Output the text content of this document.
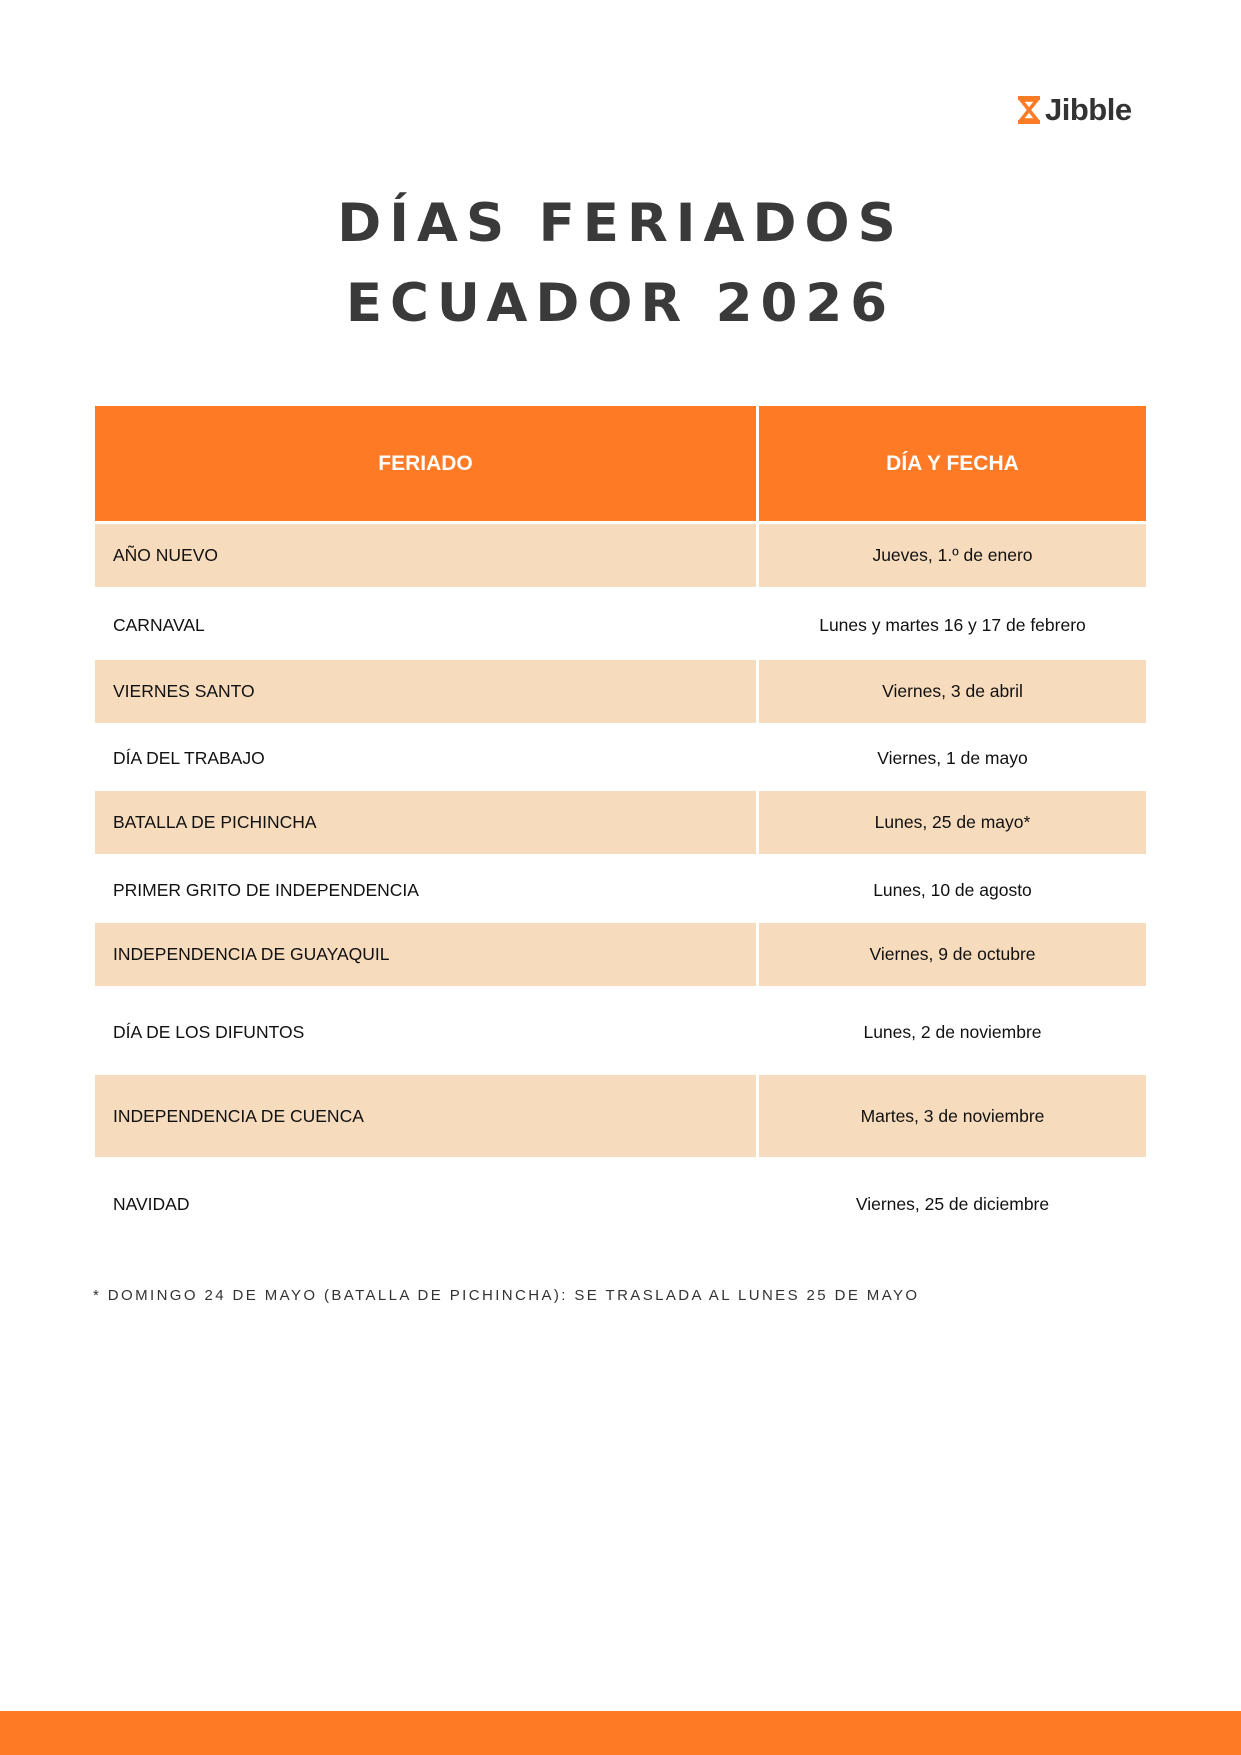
Jibble
DÍAS FERIADOS
ECUADOR 2026
FERIADO	DÍA Y FECHA
AÑO NUEVO	Jueves, 1.º de enero
CARNAVAL	Lunes y martes 16 y 17 de febrero
VIERNES SANTO	Viernes, 3 de abril
DÍA DEL TRABAJO	Viernes, 1 de mayo
BATALLA DE PICHINCHA	Lunes, 25 de mayo*
PRIMER GRITO DE INDEPENDENCIA	Lunes, 10 de agosto
INDEPENDENCIA DE GUAYAQUIL	Viernes, 9 de octubre
DÍA DE LOS DIFUNTOS	Lunes, 2 de noviembre
INDEPENDENCIA DE CUENCA	Martes, 3 de noviembre
NAVIDAD	Viernes, 25 de diciembre

* DOMINGO 24 DE MAYO (BATALLA DE PICHINCHA): SE TRASLADA AL LUNES 25 DE MAYO
